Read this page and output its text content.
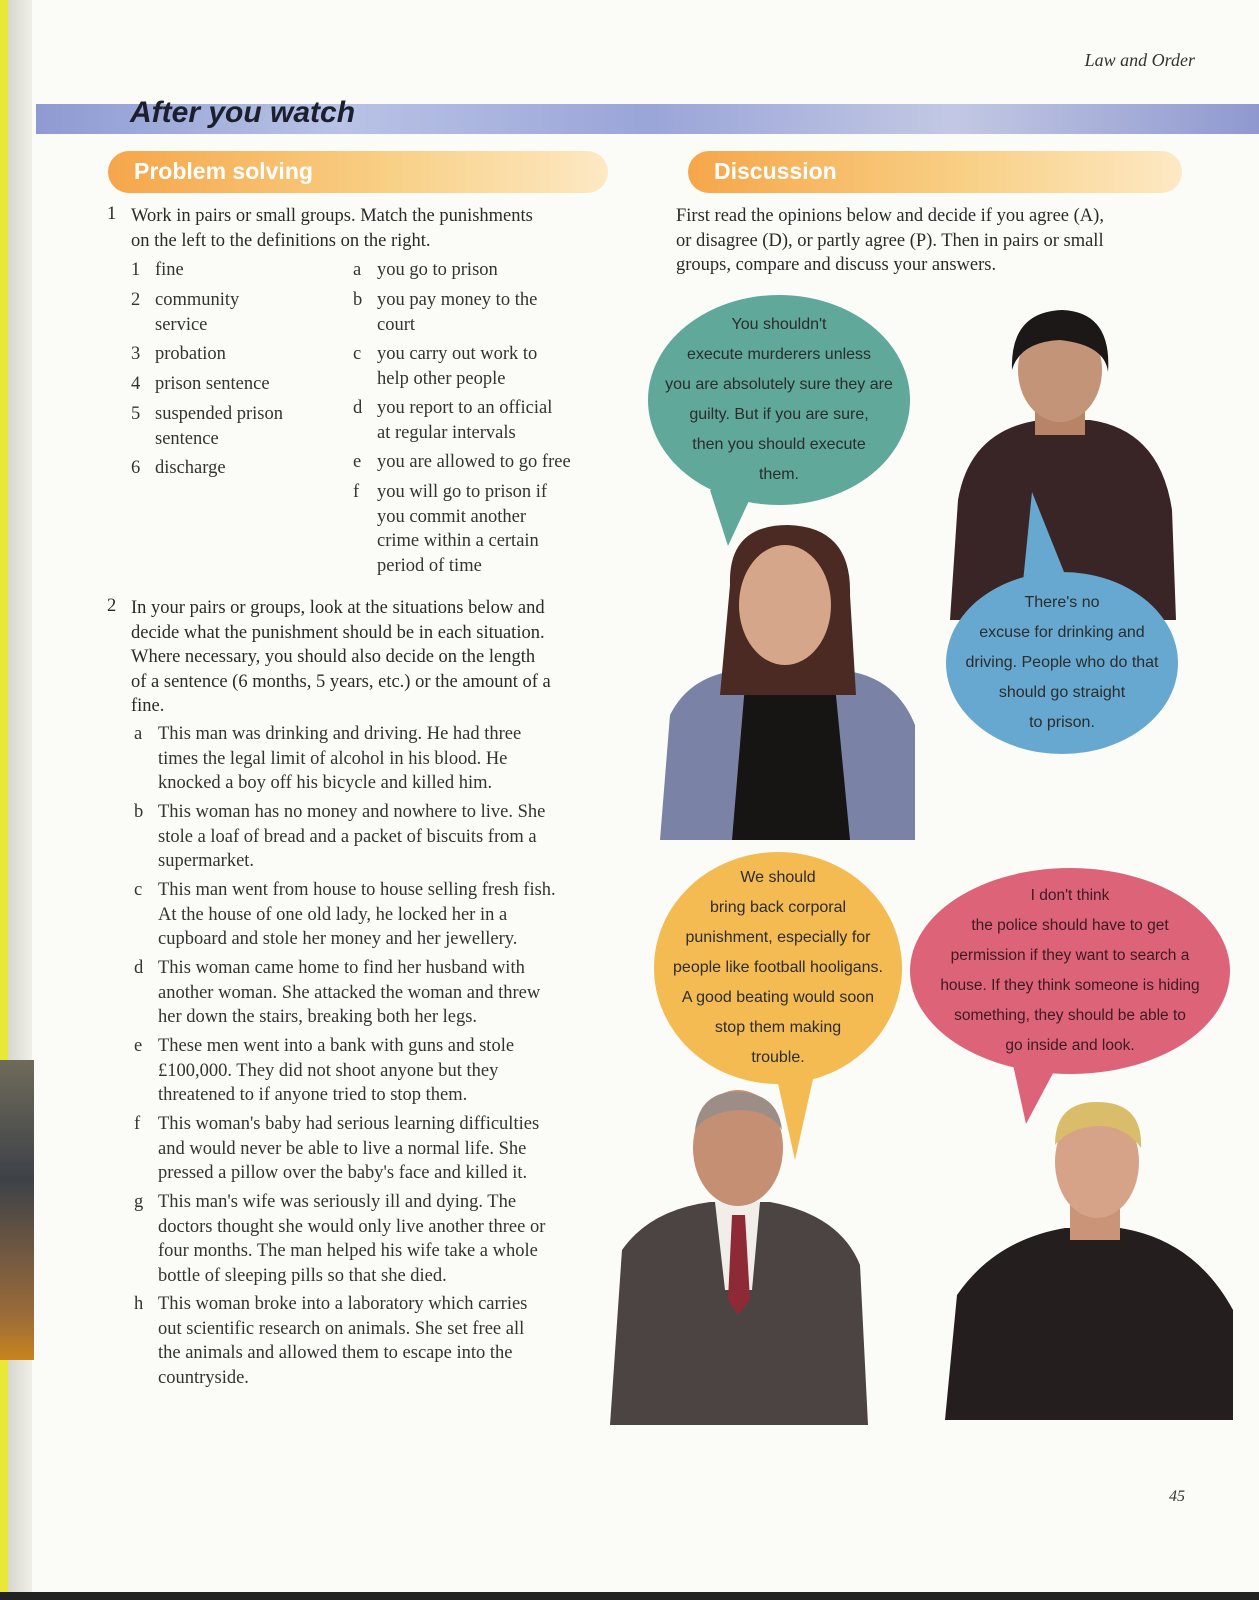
Law and Order
After you watch
Problem solving
1 Work in pairs or small groups. Match the punishments
on the left to the definitions on the right.
1 fine
2 community
service
3 probation
4 prison sentence
5 suspended prison
sentence
6 discharge
a you go to prison
b you pay money to the
court
c you carry out work to
help other people
d you report to an official
at regular intervals
e you are allowed to go free
f you will go to prison if
you commit another
crime within a certain
period of time
2 In your pairs or groups, look at the situations below and
decide what the punishment should be in each situation.
Where necessary, you should also decide on the length
of a sentence (6 months, 5 years, etc.) or the amount of a
fine.
a This man was drinking and driving. He had three
times the legal limit of alcohol in his blood. He
knocked a boy off his bicycle and killed him.
b This woman has no money and nowhere to live. She
stole a loaf of bread and a packet of biscuits from a
supermarket.
c This man went from house to house selling fresh fish.
At the house of one old lady, he locked her in a
cupboard and stole her money and her jewellery.
d This woman came home to find her husband with
another woman. She attacked the woman and threw
her down the stairs, breaking both her legs.
e These men went into a bank with guns and stole
£100,000. They did not shoot anyone but they
threatened to if anyone tried to stop them.
f This woman's baby had serious learning difficulties
and would never be able to live a normal life. She
pressed a pillow over the baby's face and killed it.
g This man's wife was seriously ill and dying. The
doctors thought she would only live another three or
four months. The man helped his wife take a whole
bottle of sleeping pills so that she died.
h This woman broke into a laboratory which carries
out scientific research on animals. She set free all
the animals and allowed them to escape into the
countryside.
Discussion
First read the opinions below and decide if you agree (A),
or disagree (D), or partly agree (P). Then in pairs or small
groups, compare and discuss your answers.
You shouldn't
execute murderers unless
you are absolutely sure they are
guilty. But if you are sure,
then you should execute
them.
There's no
excuse for drinking and
driving. People who do that
should go straight
to prison.
We should
bring back corporal
punishment, especially for
people like football hooligans.
A good beating would soon
stop them making
trouble.
I don't think
the police should have to get
permission if they want to search a
house. If they think someone is hiding
something, they should be able to
go inside and look.
45
